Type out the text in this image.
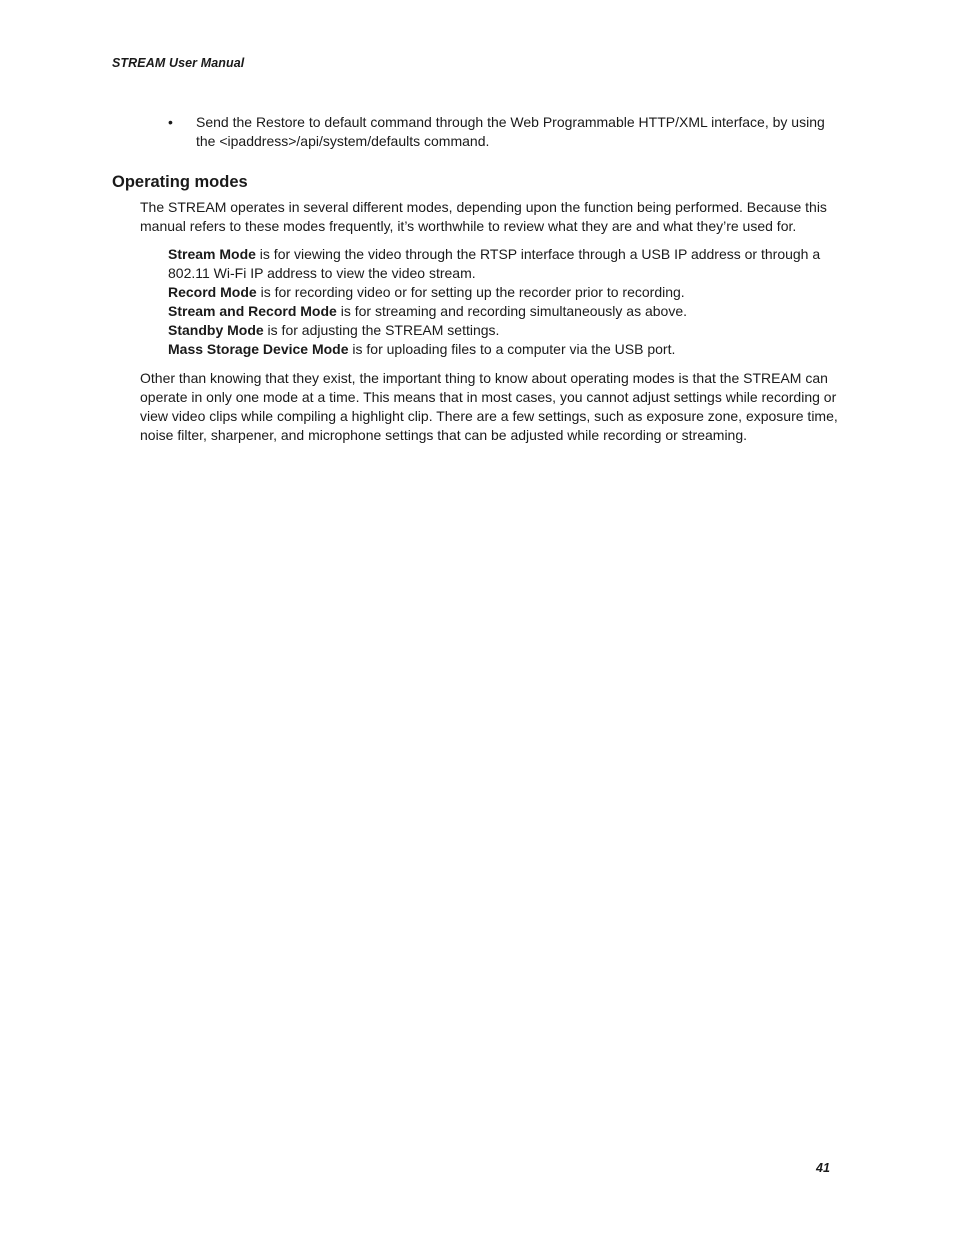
STREAM User Manual
• Send the Restore to default command through the Web Programmable HTTP/XML interface, by using the <ipaddress>/api/system/defaults command.
Operating modes

The STREAM operates in several different modes, depending upon the function being performed. Because this manual refers to these modes frequently, it’s worthwhile to review what they are and what they’re used for.

Stream Mode is for viewing the video through the RTSP interface through a USB IP address or through a 802.11 Wi-Fi IP address to view the video stream.
Record Mode is for recording video or for setting up the recorder prior to recording.
Stream and Record Mode is for streaming and recording simultaneously as above.
Standby Mode is for adjusting the STREAM settings.
Mass Storage Device Mode is for uploading files to a computer via the USB port.

Other than knowing that they exist, the important thing to know about operating modes is that the STREAM can operate in only one mode at a time. This means that in most cases, you cannot adjust settings while recording or view video clips while compiling a highlight clip. There are a few settings, such as exposure zone, exposure time, noise filter, sharpener, and microphone settings that can be adjusted while recording or streaming.

41
